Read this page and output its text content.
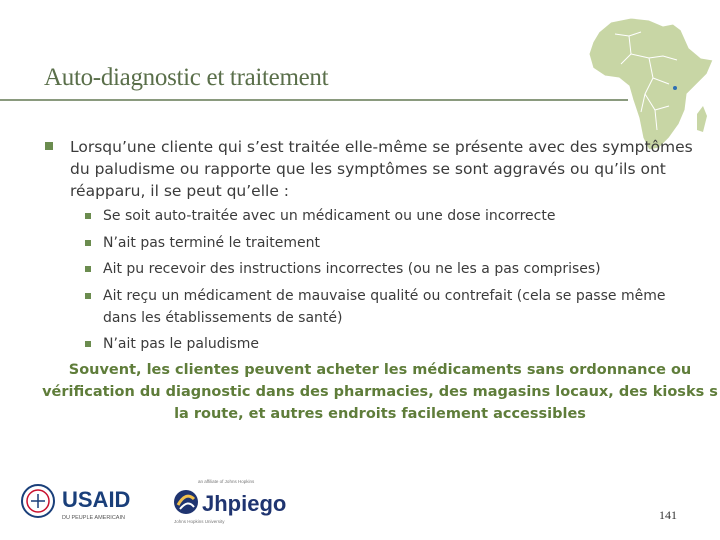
Auto-diagnostic et traitement
Lorsqu’une cliente qui s’est traitée elle-même se présente avec des symptômes du paludisme ou rapporte que les symptômes se sont aggravés ou qu’ils ont réapparu, il se peut qu’elle :
Se soit auto-traitée avec un médicament ou une dose incorrecte
N’ait pas terminé le traitement
Ait pu recevoir des instructions incorrectes (ou ne les a pas comprises)
Ait reçu un médicament de mauvaise qualité ou contrefait (cela se passe même dans les établissements de santé)
N’ait pas le paludisme
Souvent, les clientes peuvent acheter les médicaments sans ordonnance ou
vérification du diagnostic dans des pharmacies, des magasins locaux, des kiosks s
la route, et autres endroits facilement accessibles
USAID
DU PEUPLE AMERICAIN
an affiliate of Johns Hopkins
Jhpiego
Johns Hopkins University	141
